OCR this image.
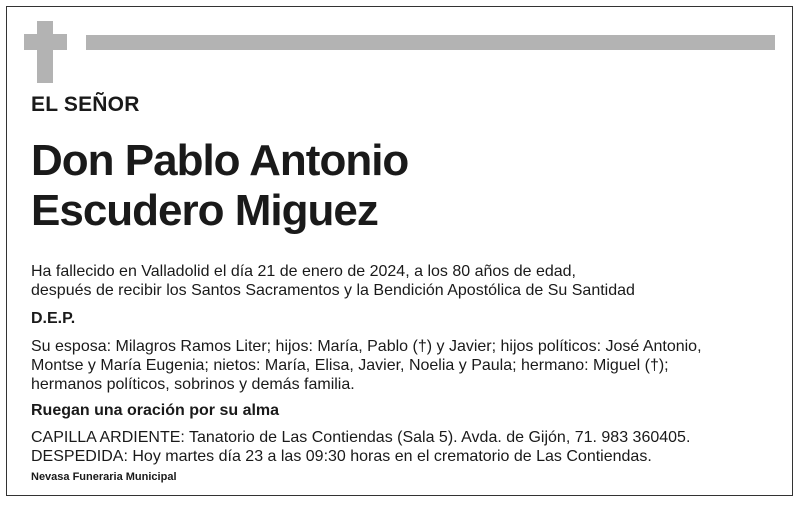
EL SEÑOR
Don Pablo Antonio
Escudero Miguez
Ha fallecido en Valladolid el día 21 de enero de 2024, a los 80 años de edad,
después de recibir los Santos Sacramentos y la Bendición Apostólica de Su Santidad
D.E.P.
Su esposa: Milagros Ramos Liter; hijos: María, Pablo (†) y Javier; hijos políticos: José Antonio,
Montse y María Eugenia; nietos: María, Elisa, Javier, Noelia y Paula; hermano: Miguel (†);
hermanos políticos, sobrinos y demás familia.
Ruegan una oración por su alma
CAPILLA ARDIENTE: Tanatorio de Las Contiendas (Sala 5). Avda. de Gijón, 71. 983 360405.
DESPEDIDA: Hoy martes día 23 a las 09:30 horas en el crematorio de Las Contiendas.
Nevasa Funeraria Municipal
